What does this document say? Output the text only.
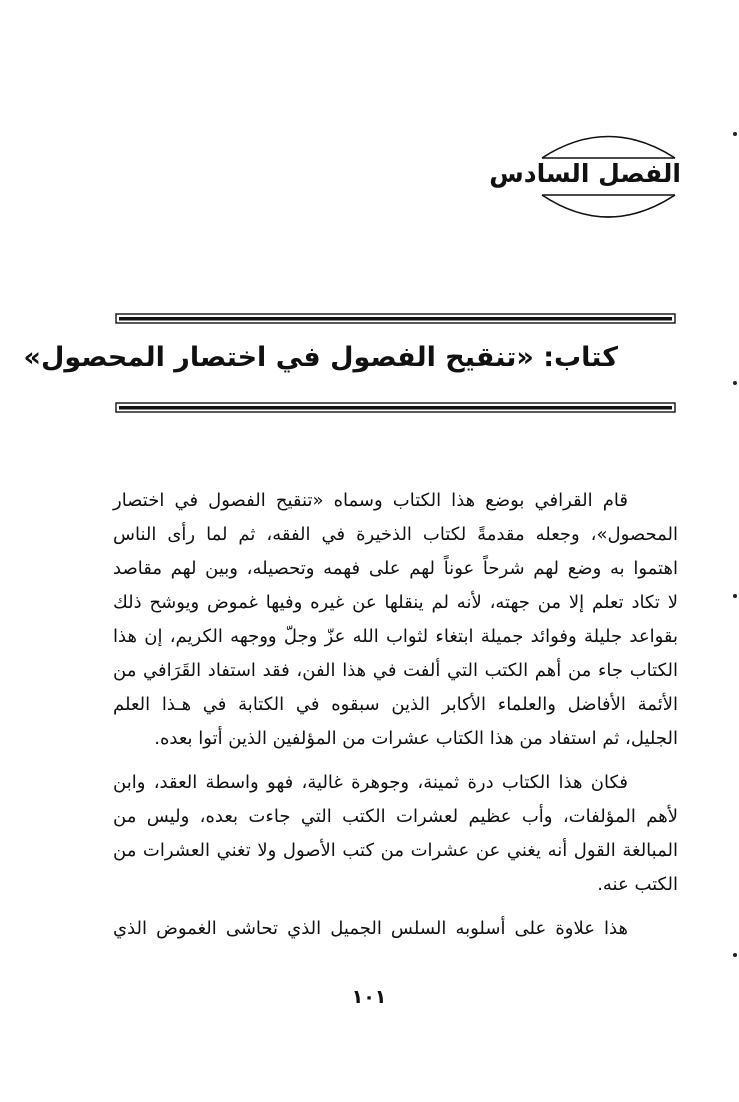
الفصل السادس
كتاب: «تنقيح الفصول في اختصار المحصول»
قام القرافي بوضع هذا الكتاب وسماه «تنقيح الفصول في اختصار
المحصول»، وجعله مقدمةً لكتاب الذخيرة في الفقه، ثم لما رأى الناس
اهتموا به وضع لهم شرحاً عوناً لهم على فهمه وتحصيله، وبين لهم مقاصد
لا تكاد تعلم إلا من جهته، لأنه لم ينقلها عن غيره وفيها غموض ويوشح ذلك
بقواعد جليلة وفوائد جميلة ابتغاء لثواب الله عزّ وجلّ ووجهه الكريم، إن هذا
الكتاب جاء من أهم الكتب التي ألفت في هذا الفن، فقد استفاد القَرَافي من
الأئمة الأفاضل والعلماء الأكابر الذين سبقوه في الكتابة في هـذا العلم
الجليل، ثم استفاد من هذا الكتاب عشرات من المؤلفين الذين أتوا بعده.
فكان هذا الكتاب درة ثمينة، وجوهرة غالية، فهو واسطة العقد، وابن
لأهم المؤلفات، وأب عظيم لعشرات الكتب التي جاءت بعده، وليس من
المبالغة القول أنه يغني عن عشرات من كتب الأصول ولا تغني العشرات من
الكتب عنه.
هذا علاوة على أسلوبه السلس الجميل الذي تحاشى الغموض الذي
١٠١
